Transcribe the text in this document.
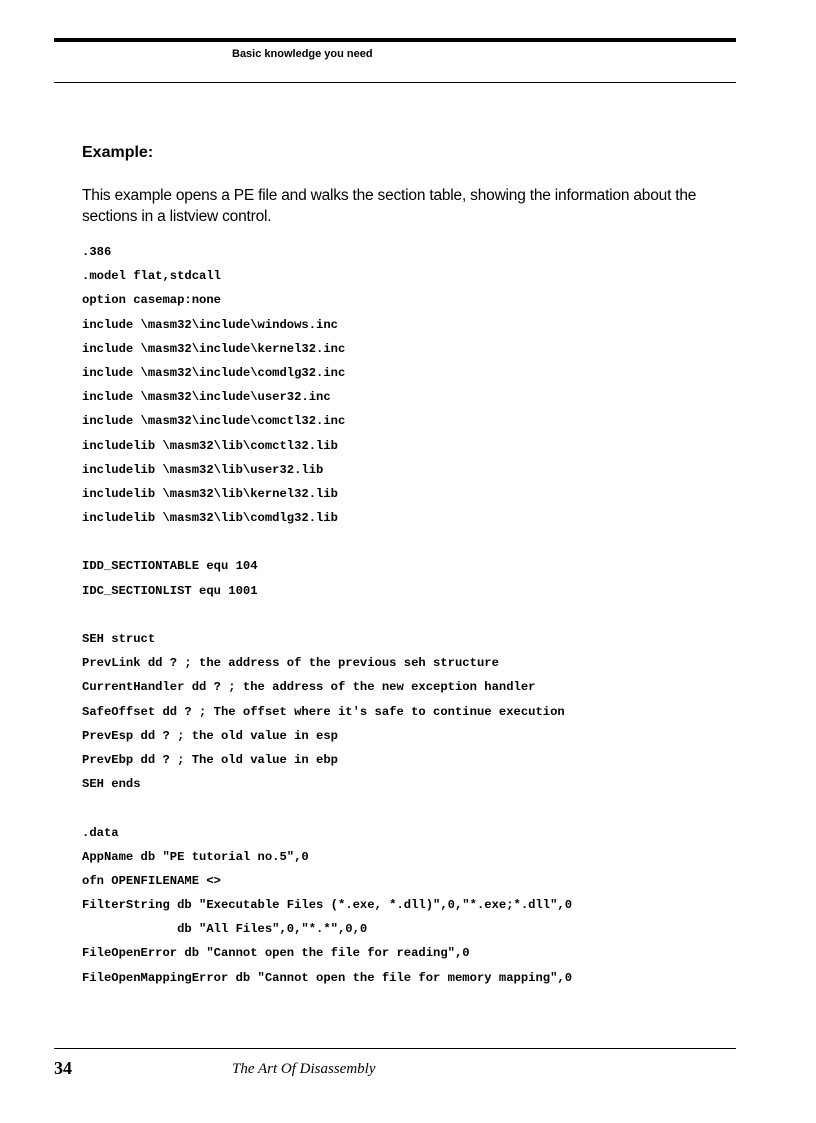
Basic knowledge you need
Example:
This example opens a PE file and walks the section table, showing the information about the sections in a listview control.
.386
.model flat,stdcall
option casemap:none
include \masm32\include\windows.inc
include \masm32\include\kernel32.inc
include \masm32\include\comdlg32.inc
include \masm32\include\user32.inc
include \masm32\include\comctl32.inc
includelib \masm32\lib\comctl32.lib
includelib \masm32\lib\user32.lib
includelib \masm32\lib\kernel32.lib
includelib \masm32\lib\comdlg32.lib
IDD_SECTIONTABLE equ 104
IDC_SECTIONLIST equ 1001
SEH struct
PrevLink dd ? ; the address of the previous seh structure
CurrentHandler dd ? ; the address of the new exception handler
SafeOffset dd ? ; The offset where it's safe to continue execution
PrevEsp dd ? ; the old value in esp
PrevEbp dd ? ; The old value in ebp
SEH ends
.data
AppName db "PE tutorial no.5",0
ofn OPENFILENAME <>
FilterString db "Executable Files (*.exe, *.dll)",0,"*.exe;*.dll",0
db "All Files",0,"*.*",0,0
FileOpenError db "Cannot open the file for reading",0
FileOpenMappingError db "Cannot open the file for memory mapping",0
34	The Art Of Disassembly
